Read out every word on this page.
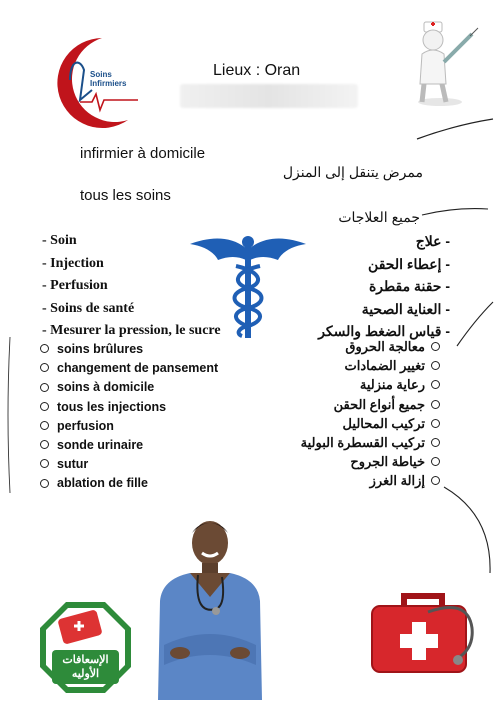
Soins
Infirmiers
Lieux : Oran
infirmier à domicile
ممرض يتنقل إلى المنزل
tous les soins
جميع العلاجات
- Soin
- Injection
- Perfusion
- Soins de santé
- Mesurer la pression, le sucre
- علاج
- إعطاء الحقن
- حقنة مقطرة
- العناية الصحية
- قياس الضغط والسكر
soins brûlures
changement de pansement
soins à domicile
tous les injections
perfusion
sonde urinaire
sutur
ablation de fille
معالجة الحروق
تغيير الضمادات
رعاية منزلية
جميع أنواع الحقن
تركيب المحاليل
تركيب القسطرة البولية
خياطة الجروح
إزالة الغرز
الإسعافات
الأوليه
